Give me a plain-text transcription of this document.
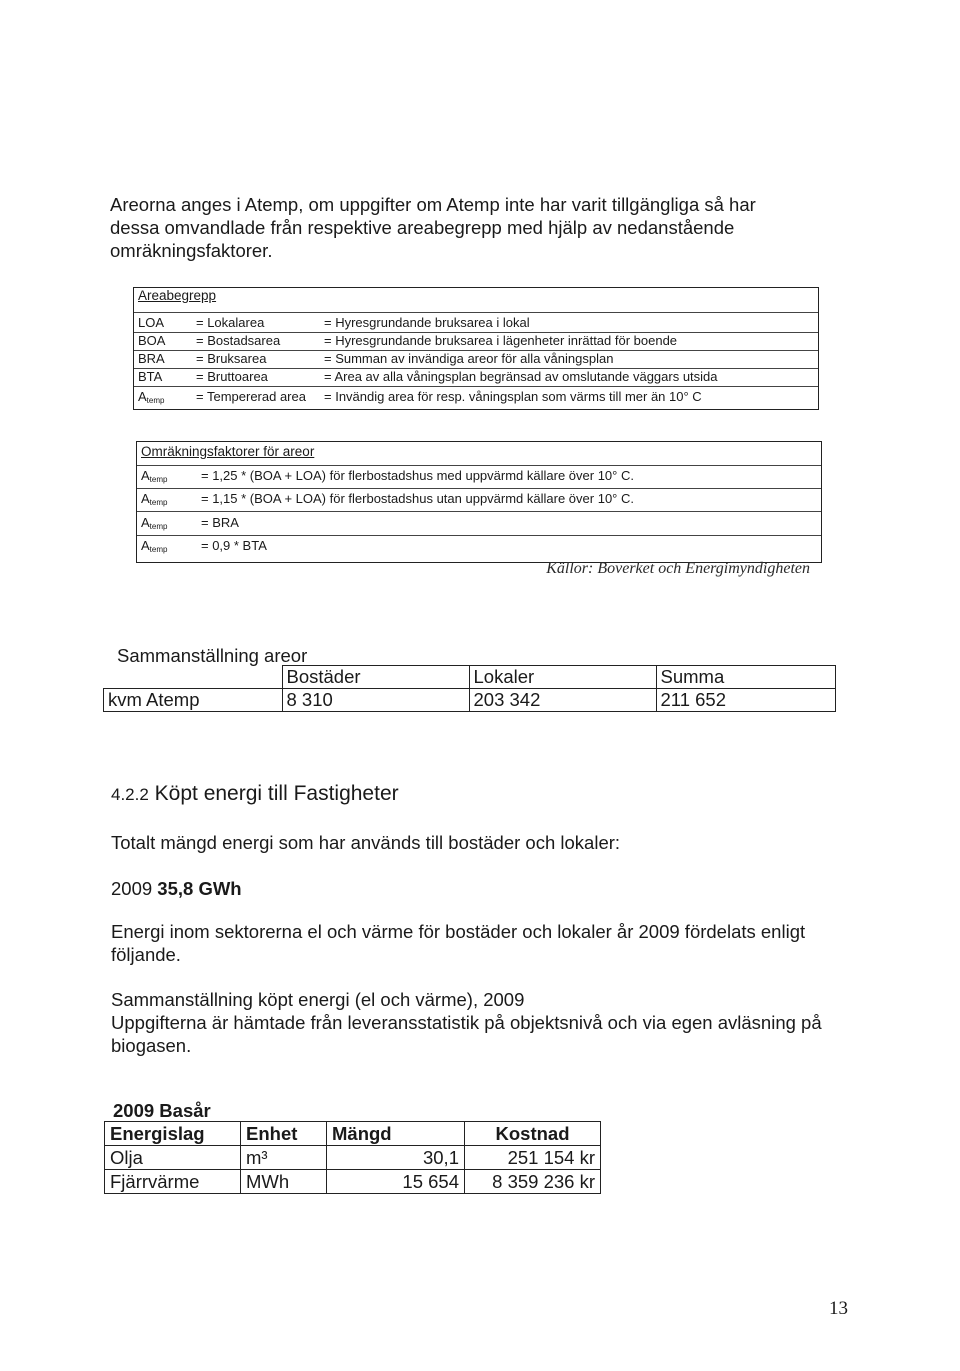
Areorna anges i Atemp, om uppgifter om Atemp inte har varit tillgängliga så har dessa omvandlade från respektive areabegrepp med hjälp av nedanstående omräkningsfaktorer.
Areabegrepp
LOA = Lokalarea	= Hyresgrundande bruksarea i lokal
BOA = Bostadsarea	= Hyresgrundande bruksarea i lägenheter inrättad för boende
BRA = Bruksarea	= Summan av invändiga areor för alla våningsplan
BTA	= Bruttoarea	= Area av alla våningsplan begränsad av omslutande väggars utsida
$A_{temp}$ = Tempererad area = Invändig area för resp. våningsplan som värms till mer än 10° C
Omräkningsfaktorer för areor
$A_{temp}$	= 1,25 * (BOA + LOA) för flerbostadshus med uppvärmd källare över 10° C.
$A_{temp}$	= 1,15 * (BOA + LOA) för flerbostadshus utan uppvärmd källare över 10° C.
$A_{temp}$	= BRA
$A_{temp}$	= 0,9 * BTA
Källor: Boverket och Energimyndigheten
Sammanställning areor
	Bostäder	Lokaler	Summa
kvm Atemp	8 310	203 342	211 652
4.2.2 Köpt energi till Fastigheter
Totalt mängd energi som har används till bostäder och lokaler:
2009 35,8 GWh
Energi inom sektorerna el och värme för bostäder och lokaler år 2009 fördelats enligt följande.
Sammanställning köpt energi (el och värme), 2009
Uppgifterna är hämtade från leveransstatistik på objektsnivå och via egen avläsning på biogasen.
2009 Basår
Energislag	Enhet	Mängd	Kostnad
Olja	m³	30,1	251 154 kr
Fjärrvärme	MWh	15 654	8 359 236 kr
13
